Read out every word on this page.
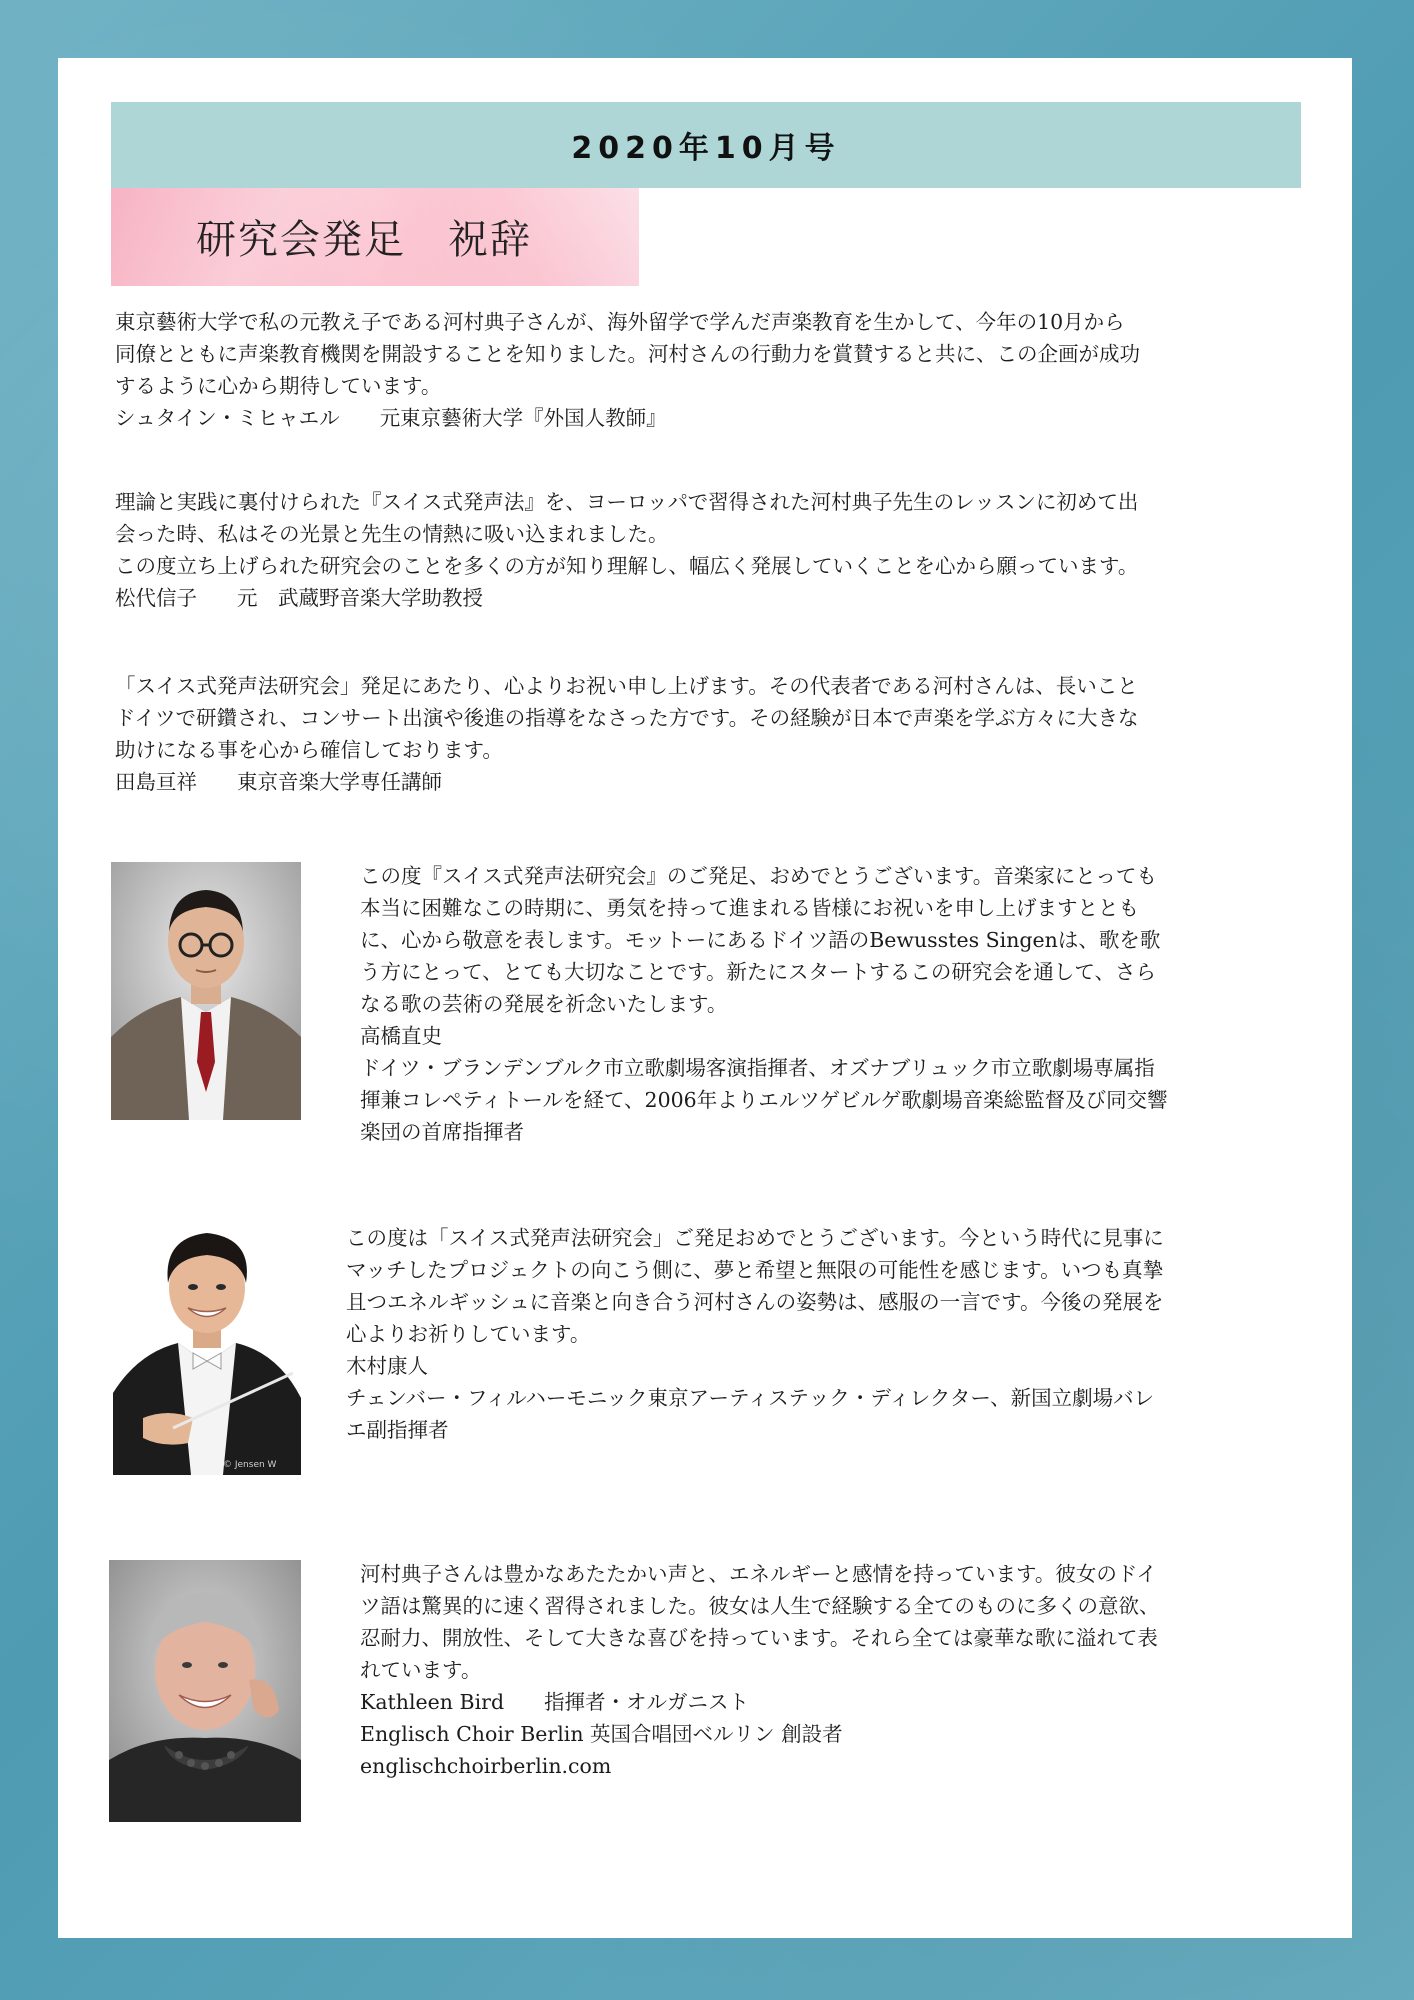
2020年10月号
研究会発足　祝辞

東京藝術大学で私の元教え子である河村典子さんが、海外留学で学んだ声楽教育を生かして、今年の10月から

同僚とともに声楽教育機関を開設することを知りました。河村さんの行動力を賞賛すると共に、この企画が成功

するように心から期待しています。

シュタイン・ミヒャエル 元東京藝術大学『外国人教師』

理論と実践に裏付けられた『スイス式発声法』を、ヨーロッパで習得された河村典子先生のレッスンに初めて出

会った時、私はその光景と先生の情熱に吸い込まれました。

この度立ち上げられた研究会のことを多くの方が知り理解し、幅広く発展していくことを心から願っています。

松代信子 元　武蔵野音楽大学助教授

「スイス式発声法研究会」発足にあたり、心よりお祝い申し上げます。その代表者である河村さんは、長いこと

ドイツで研鑽され、コンサート出演や後進の指導をなさった方です。その経験が日本で声楽を学ぶ方々に大きな

助けになる事を心から確信しております。

田島亘祥 東京音楽大学専任講師

この度『スイス式発声法研究会』のご発足、おめでとうございます。音楽家にとっても

本当に困難なこの時期に、勇気を持って進まれる皆様にお祝いを申し上げますととも

に、心から敬意を表します。モットーにあるドイツ語のBewusstes Singenは、歌を歌

う方にとって、とても大切なことです。新たにスタートするこの研究会を通して、さら

なる歌の芸術の発展を祈念いたします。

高橋直史

ドイツ・ブランデンブルク市立歌劇場客演指揮者、オズナブリュック市立歌劇場専属指

揮兼コレペティトールを経て、2006年よりエルツゲビルゲ歌劇場音楽総監督及び同交響

楽団の首席指揮者

© Jensen W

この度は「スイス式発声法研究会」ご発足おめでとうございます。今という時代に見事に

マッチしたプロジェクトの向こう側に、夢と希望と無限の可能性を感じます。いつも真摯

且つエネルギッシュに音楽と向き合う河村さんの姿勢は、感服の一言です。今後の発展を

心よりお祈りしています。

木村康人

チェンバー・フィルハーモニック東京アーティステック・ディレクター、新国立劇場バレ

エ副指揮者

河村典子さんは豊かなあたたかい声と、エネルギーと感情を持っています。彼女のドイ

ツ語は驚異的に速く習得されました。彼女は人生で経験する全てのものに多くの意欲、

忍耐力、開放性、そして大きな喜びを持っています。それら全ては豪華な歌に溢れて表

れています。

Kathleen Bird 指揮者・オルガニスト

Englisch Choir Berlin 英国合唱団ベルリン 創設者

englischchoirberlin.com
